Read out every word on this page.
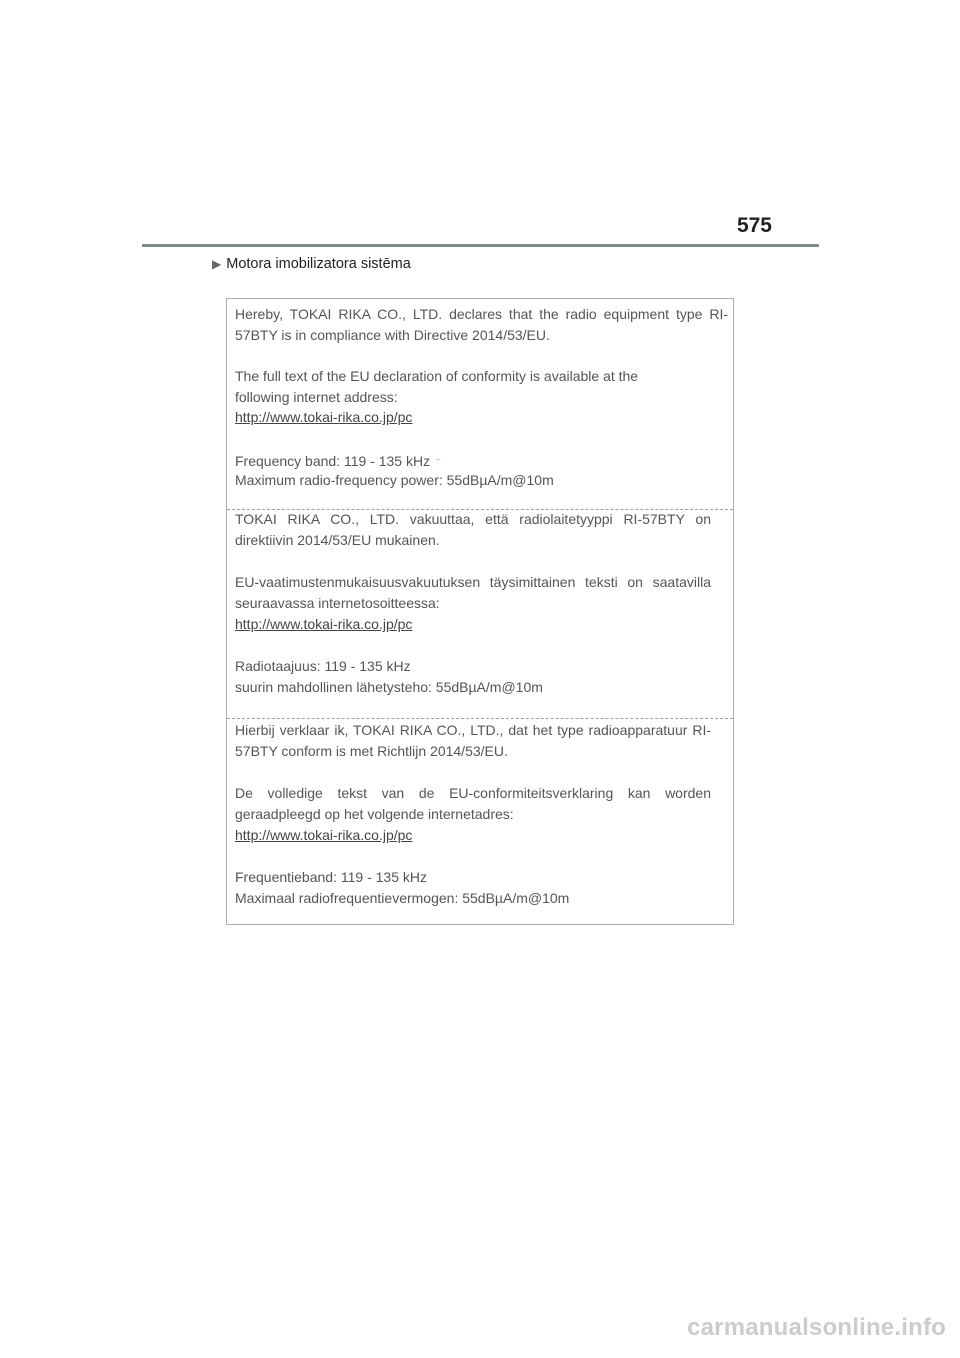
575
▶ Motora imobilizatora sistēma

Hereby, TOKAI RIKA CO., LTD. declares that the radio equipment type RI-57BTY is in compliance with Directive 2014/53/EU.

The full text of the EU declaration of conformity is available at the following internet address:

http://www.tokai-rika.co.jp/pc

Frequency band: 119 - 135 kHz ⌐

Maximum radio-frequency power: 55dBµA/m@10m

TOKAI RIKA CO., LTD. vakuuttaa, että radiolaitetyyppi RI-57BTY on direktiivin 2014/53/EU mukainen.

EU-vaatimustenmukaisuusvakuutuksen täysimittainen teksti on saatavilla seuraavassa internetosoitteessa:

http://www.tokai-rika.co.jp/pc

Radiotaajuus: 119 - 135 kHz

suurin mahdollinen lähetysteho: 55dBµA/m@10m

Hierbij verklaar ik, TOKAI RIKA CO., LTD., dat het type radioapparatuur RI-57BTY conform is met Richtlijn 2014/53/EU.

De volledige tekst van de EU-conformiteitsverklaring kan worden geraadpleegd op het volgende internetadres:

http://www.tokai-rika.co.jp/pc

Frequentieband: 119 - 135 kHz

Maximaal radiofrequentievermogen: 55dBµA/m@10m

carmanualsonline.info
